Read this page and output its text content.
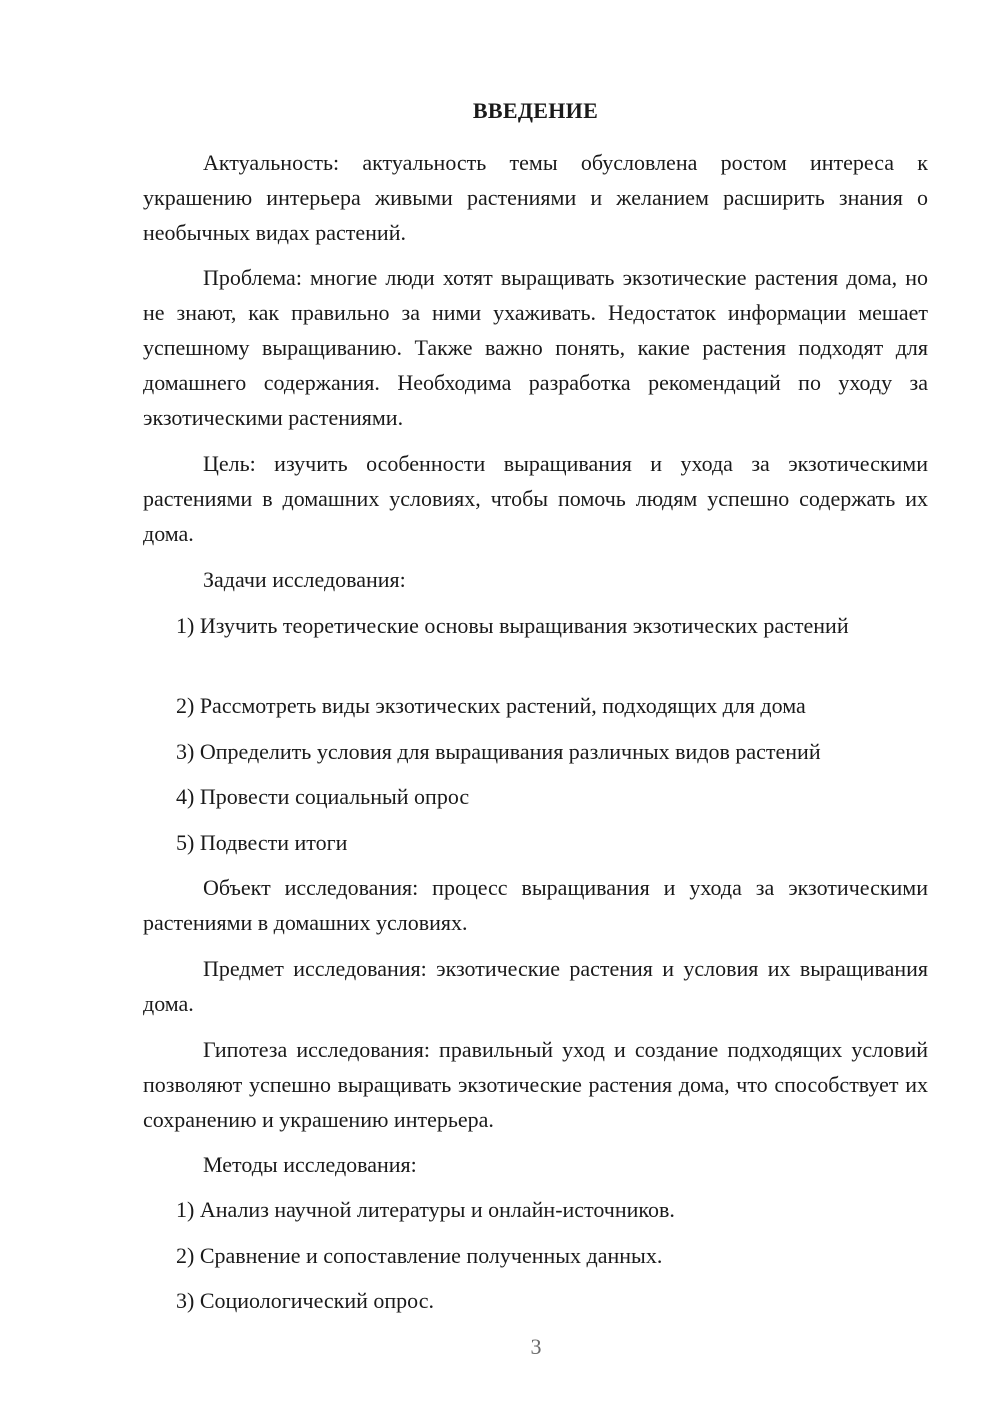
ВВЕДЕНИЕ

Актуальность: актуальность темы обусловлена ростом интереса к украшению интерьера живыми растениями и желанием расширить знания о необычных видах растений.

Проблема: многие люди хотят выращивать экзотические растения дома, но не знают, как правильно за ними ухаживать. Недостаток информации мешает успешному выращиванию. Также важно понять, какие растения подходят для домашнего содержания. Необходима разработка рекомендаций по уходу за экзотическими растениями.

Цель: изучить особенности выращивания и ухода за экзотическими растениями в домашних условиях, чтобы помочь людям успешно содержать их дома.

Задачи исследования:

1) Изучить теоретические основы выращивания экзотических растений

2) Рассмотреть виды экзотических растений, подходящих для дома

3) Определить условия для выращивания различных видов растений

4) Провести социальный опрос

5) Подвести итоги

Объект исследования: процесс выращивания и ухода за экзотическими растениями в домашних условиях.

Предмет исследования: экзотические растения и условия их выращивания дома.

Гипотеза исследования: правильный уход и создание подходящих условий позволяют успешно выращивать экзотические растения дома, что способствует их сохранению и украшению интерьера.

Методы исследования:

1) Анализ научной литературы и онлайн-источников.

2) Сравнение и сопоставление полученных данных.

3) Социологический опрос.

3
